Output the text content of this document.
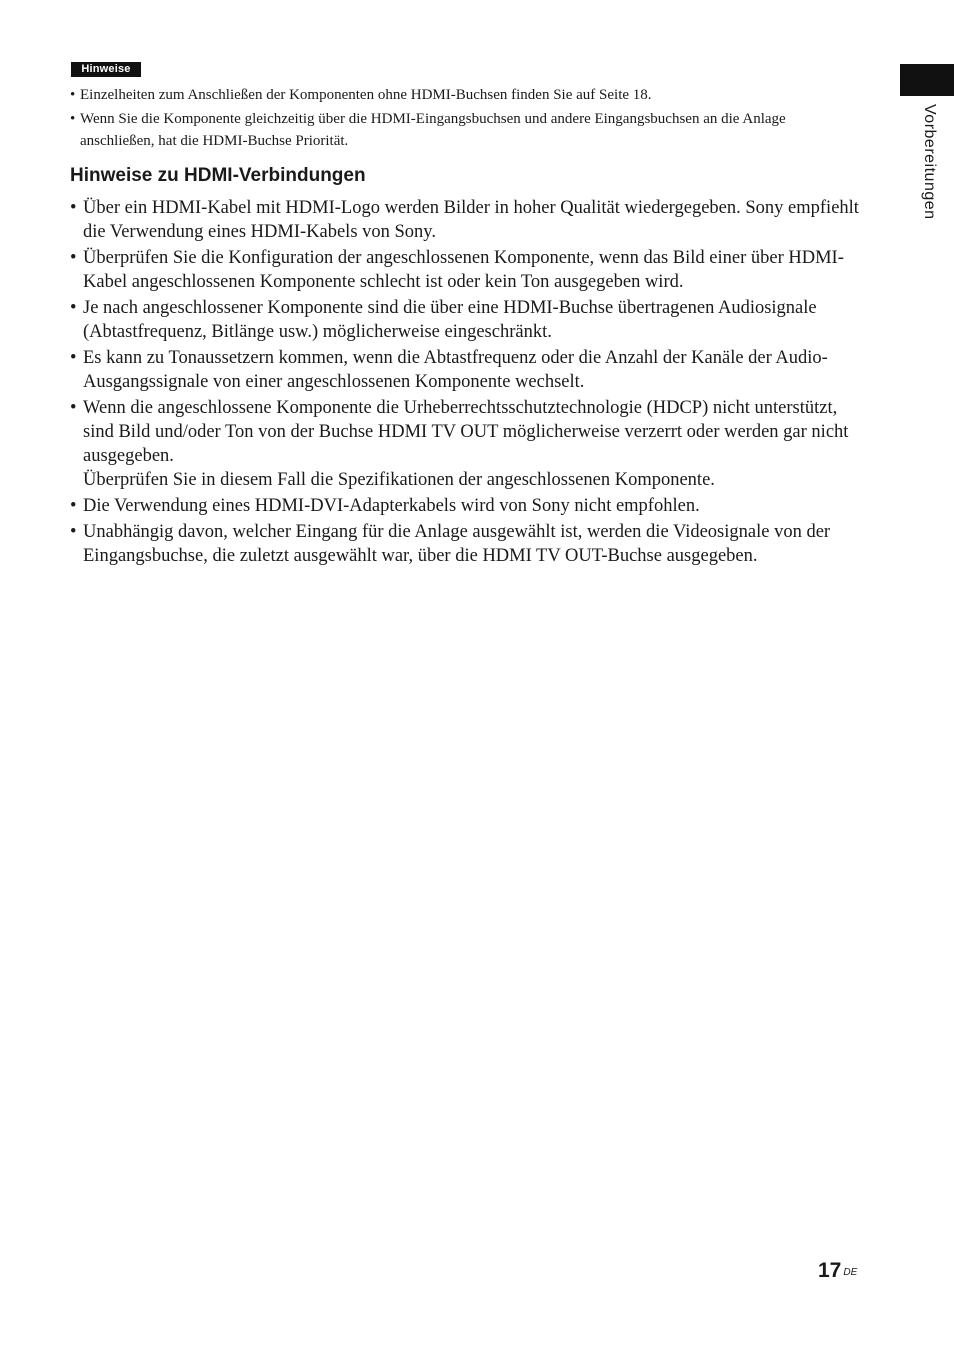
Hinweise
• Einzelheiten zum Anschließen der Komponenten ohne HDMI-Buchsen finden Sie auf Seite 18.
• Wenn Sie die Komponente gleichzeitig über die HDMI-Eingangsbuchsen und andere Eingangsbuchsen an die Anlage anschließen, hat die HDMI-Buchse Priorität.
Hinweise zu HDMI-Verbindungen
• Über ein HDMI-Kabel mit HDMI-Logo werden Bilder in hoher Qualität wiedergegeben. Sony empfiehlt die Verwendung eines HDMI-Kabels von Sony.
• Überprüfen Sie die Konfiguration der angeschlossenen Komponente, wenn das Bild einer über HDMI-Kabel angeschlossenen Komponente schlecht ist oder kein Ton ausgegeben wird.
• Je nach angeschlossener Komponente sind die über eine HDMI-Buchse übertragenen Audiosignale (Abtastfrequenz, Bitlänge usw.) möglicherweise eingeschränkt.
• Es kann zu Tonaussetzern kommen, wenn die Abtastfrequenz oder die Anzahl der Kanäle der Audio-Ausgangssignale von einer angeschlossenen Komponente wechselt.
• Wenn die angeschlossene Komponente die Urheberrechtsschutztechnologie (HDCP) nicht unterstützt, sind Bild und/oder Ton von der Buchse HDMI TV OUT möglicherweise verzerrt oder werden gar nicht ausgegeben.
Überprüfen Sie in diesem Fall die Spezifikationen der angeschlossenen Komponente.
• Die Verwendung eines HDMI-DVI-Adapterkabels wird von Sony nicht empfohlen.
• Unabhängig davon, welcher Eingang für die Anlage ausgewählt ist, werden die Videosignale von der Eingangsbuchse, die zuletzt ausgewählt war, über die HDMI TV OUT-Buchse ausgegeben.
Vorbereitungen
17 $^{DE}$
